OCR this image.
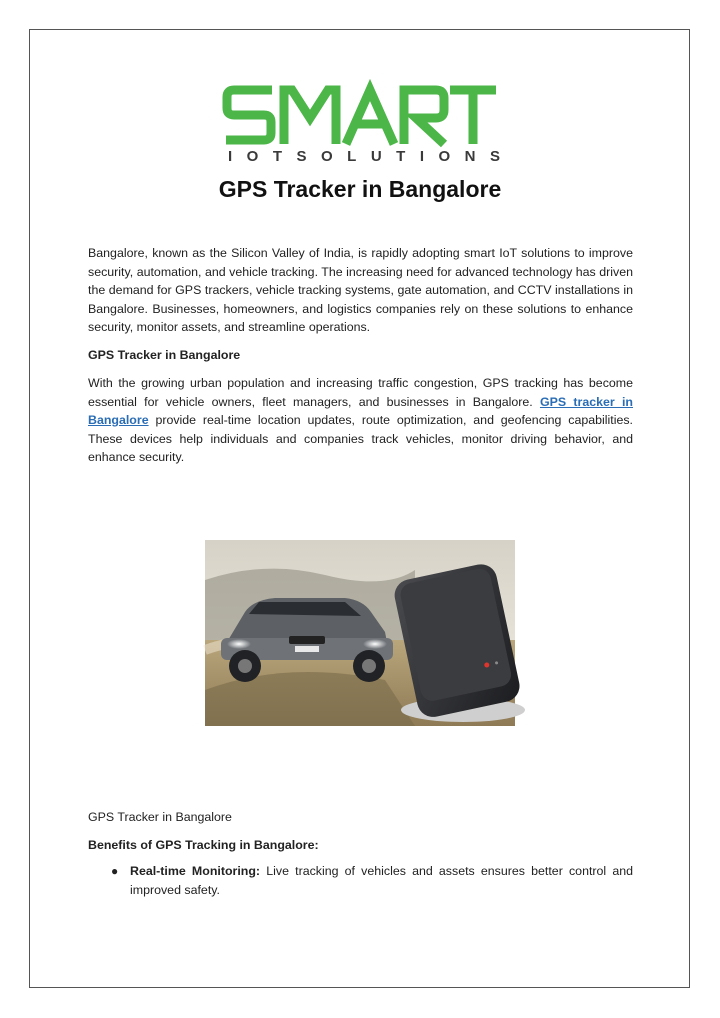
SMART
IOTSOLUTIONS
GPS Tracker in Bangalore

Bangalore, known as the Silicon Valley of India, is rapidly adopting smart IoT solutions to improve security, automation, and vehicle tracking. The increasing need for advanced technology has driven the demand for GPS trackers, vehicle tracking systems, gate automation, and CCTV installations in Bangalore. Businesses, homeowners, and logistics companies rely on these solutions to enhance security, monitor assets, and streamline operations.

GPS Tracker in Bangalore

With the growing urban population and increasing traffic congestion, GPS tracking has become essential for vehicle owners, fleet managers, and businesses in Bangalore. GPS tracker in Bangalore provide real-time location updates, route optimization, and geofencing capabilities. These devices help individuals and companies track vehicles, monitor driving behavior, and enhance security.

GPS Tracker in Bangalore

Benefits of GPS Tracking in Bangalore:

● Real-time Monitoring: Live tracking of vehicles and assets ensures better control and improved safety.
